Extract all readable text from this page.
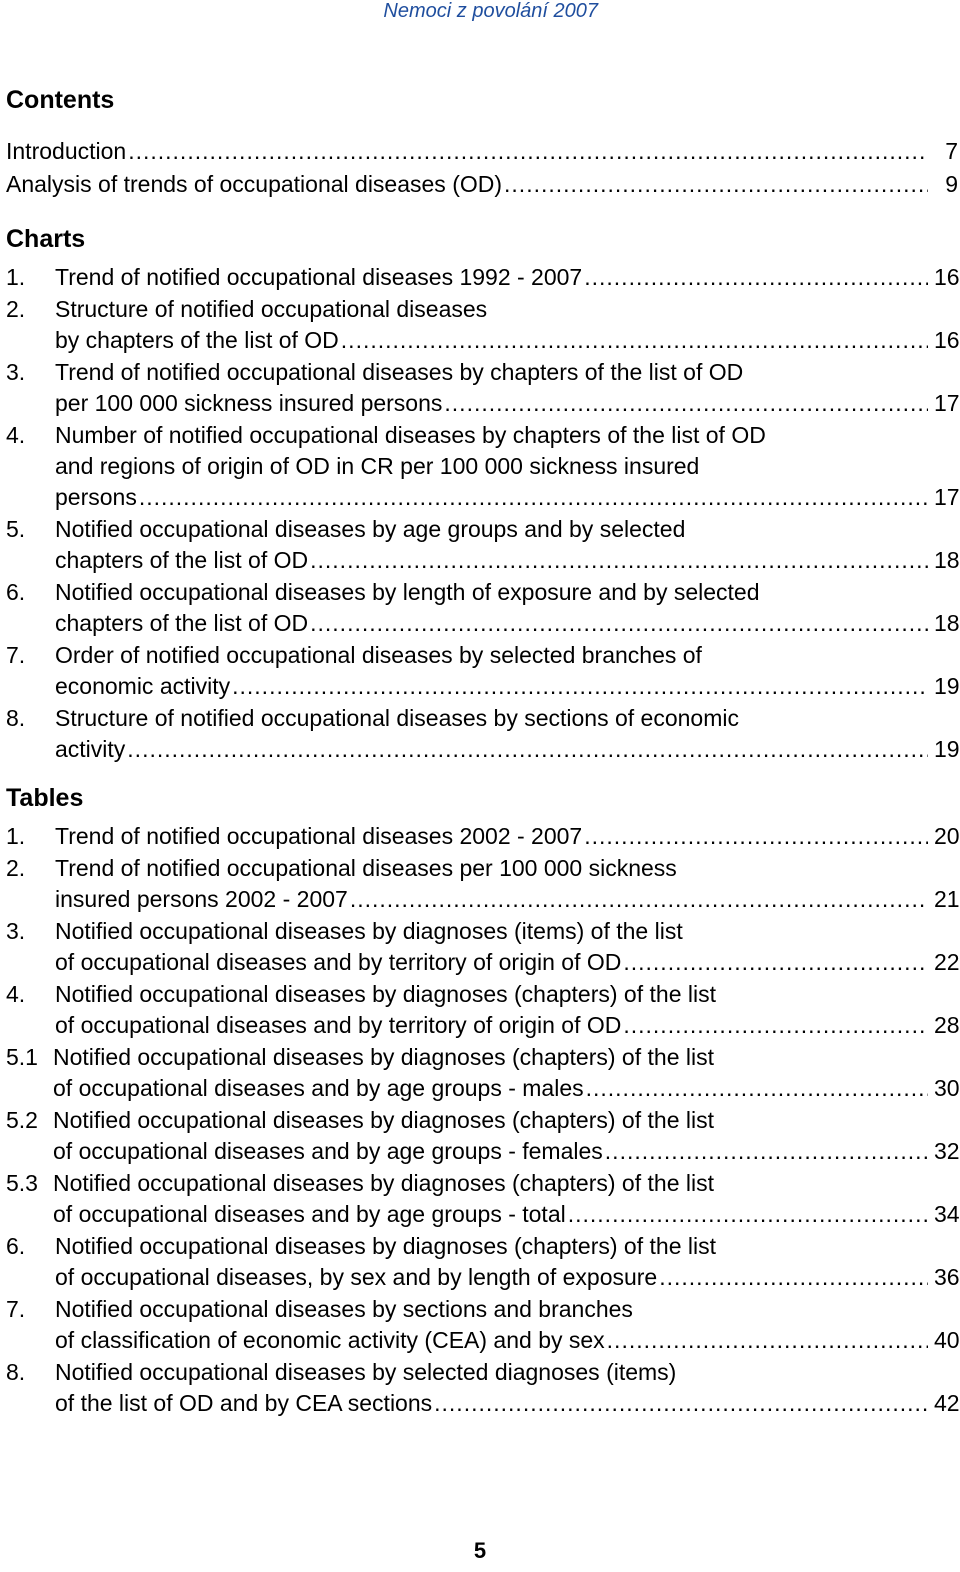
Nemoci z povolání 2007
Contents
Introduction .....	7
Analysis of trends of occupational diseases (OD) .....	9
Charts
1. Trend of notified occupational diseases 1992 - 2007 .....	16
2. Structure of notified occupational diseases
by chapters of the list of OD .....	16
3. Trend of notified occupational diseases by chapters of the list of OD
per 100 000 sickness insured persons .....	17
4. Number of notified occupational diseases by chapters of the list of OD
and regions of origin of OD in CR per 100 000 sickness insured
persons .....	17
5. Notified occupational diseases by age groups and by selected
chapters of the list of OD .....	18
6. Notified occupational diseases by length of exposure and by selected
chapters of the list of OD .....	18
7. Order of notified occupational diseases by selected branches of
economic activity .....	19
8. Structure of notified occupational diseases by sections of economic
activity .....	19
Tables
1. Trend of notified occupational diseases 2002 - 2007 .....	20
2. Trend of notified occupational diseases per 100 000 sickness
insured persons 2002 - 2007 .....	21
3. Notified occupational diseases by diagnoses (items) of the list
of occupational diseases and by territory of origin of OD .....	22
4. Notified occupational diseases by diagnoses (chapters) of the list
of occupational diseases and by territory of origin of OD .....	28
5.1 Notified occupational diseases by diagnoses (chapters) of the list
of occupational diseases and by age groups - males .....	30
5.2 Notified occupational diseases by diagnoses (chapters) of the list
of occupational diseases and by age groups - females .....	32
5.3 Notified occupational diseases by diagnoses (chapters) of the list
of occupational diseases and by age groups - total .....	34
6. Notified occupational diseases by diagnoses (chapters) of the list
of occupational diseases, by sex and by length of exposure .....	36
7. Notified occupational diseases by sections and branches
of classification of economic activity (CEA) and by sex .....	40
8. Notified occupational diseases by selected diagnoses (items)
of the list of OD and by CEA sections .....	42
5
